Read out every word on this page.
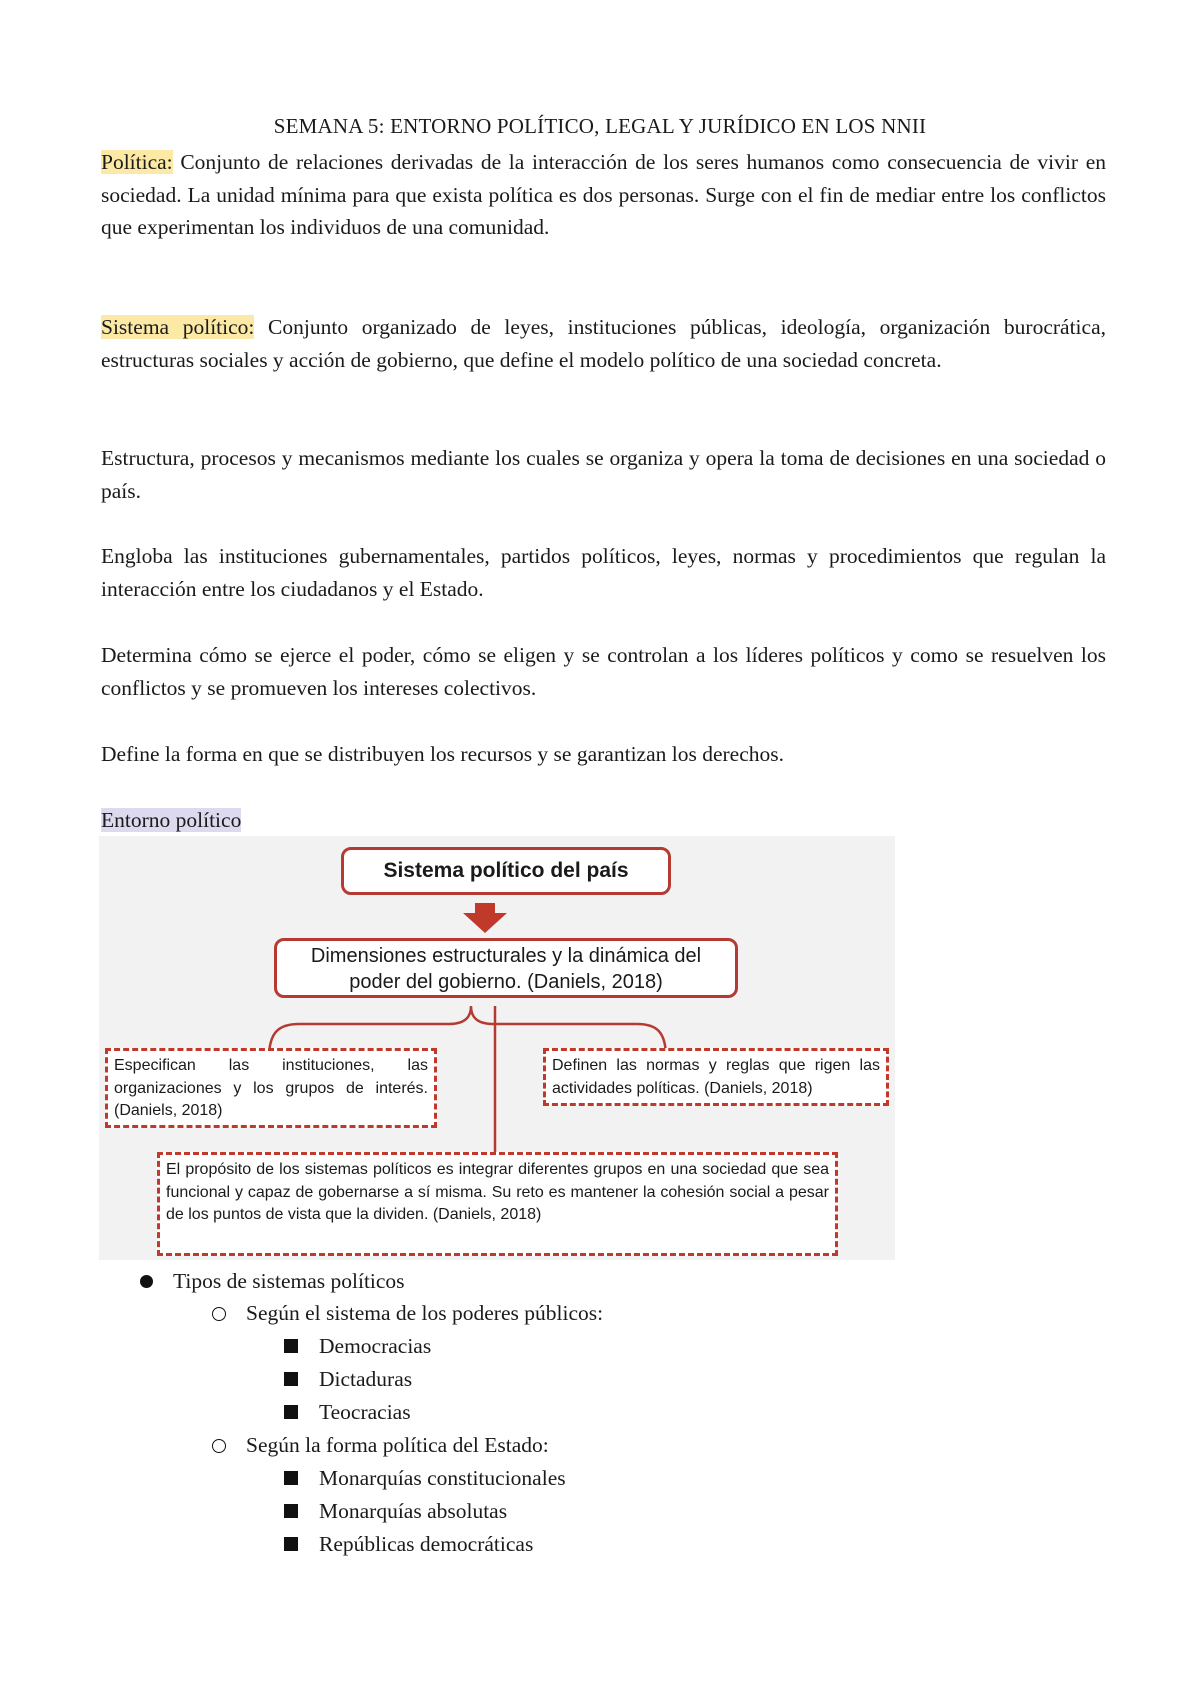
SEMANA 5: ENTORNO POLÍTICO, LEGAL Y JURÍDICO EN LOS NNII
Política: Conjunto de relaciones derivadas de la interacción de los seres humanos como consecuencia de vivir en sociedad. La unidad mínima para que exista política es dos personas. Surge con el fin de mediar entre los conflictos que experimentan los individuos de una comunidad.
Sistema político: Conjunto organizado de leyes, instituciones públicas, ideología, organización burocrática, estructuras sociales y acción de gobierno, que define el modelo político de una sociedad concreta.
Estructura, procesos y mecanismos mediante los cuales se organiza y opera la toma de decisiones en una sociedad o país.
Engloba las instituciones gubernamentales, partidos políticos, leyes, normas y procedimientos que regulan la interacción entre los ciudadanos y el Estado.
Determina cómo se ejerce el poder, cómo se eligen y se controlan a los líderes políticos y como se resuelven los conflictos y se promueven los intereses colectivos.
Define la forma en que se distribuyen los recursos y se garantizan los derechos.
Entorno político
Sistema político del país
Dimensiones estructurales y la dinámica del
poder del gobierno. (Daniels, 2018)
Especifican las instituciones, las organizaciones y los grupos de interés. (Daniels, 2018)
Definen las normas y reglas que rigen las actividades políticas. (Daniels, 2018)
El propósito de los sistemas políticos es integrar diferentes grupos en una sociedad que sea funcional y capaz de gobernarse a sí misma. Su reto es mantener la cohesión social a pesar de los puntos de vista que la dividen. (Daniels, 2018)
Tipos de sistemas políticos
Según el sistema de los poderes públicos:
Democracias
Dictaduras
Teocracias
Según la forma política del Estado:
Monarquías constitucionales
Monarquías absolutas
Repúblicas democráticas
